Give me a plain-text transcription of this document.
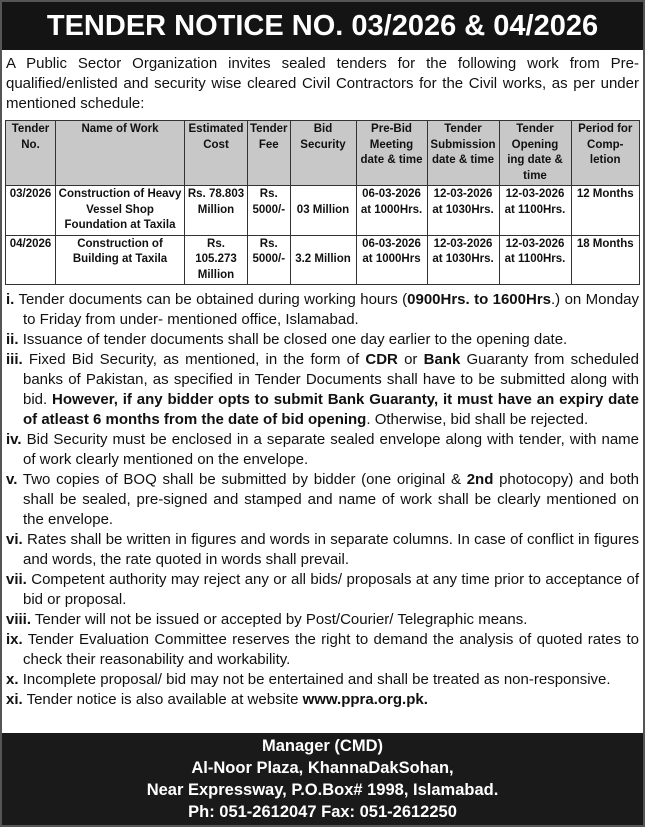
TENDER NOTICE NO. 03/2026 & 04/2026

A Public Sector Organization invites sealed tenders for the following work from Pre-qualified/enlisted and security wise cleared Civil Contractors for the Civil works, as per under mentioned schedule:

Tender No.	Name of Work	Estimated Cost	Tender Fee	Bid Security	Pre-Bid Meeting date & time	Tender Submission date & time	Tender Opening ing date & time	Period for Comp- letion
03/2026	Construction of Heavy Vessel Shop Foundation at Taxila	Rs. 78.803 Million	Rs. 5000/-	03 Million	06-03-2026 at 1000Hrs.	12-03-2026 at 1030Hrs.	12-03-2026 at 1100Hrs.	12 Months
04/2026	Construction of Building at Taxila	Rs. 105.273 Million	Rs. 5000/-	3.2 Million	06-03-2026 at 1000Hrs	12-03-2026 at 1030Hrs.	12-03-2026 at 1100Hrs.	18 Months

i. Tender documents can be obtained during working hours (0900Hrs. to 1600Hrs.) on Monday to Friday from under- mentioned office, Islamabad.

ii. Issuance of tender documents shall be closed one day earlier to the opening date.

iii. Fixed Bid Security, as mentioned, in the form of CDR or Bank Guaranty from scheduled banks of Pakistan, as specified in Tender Documents shall have to be submitted along with bid. However, if any bidder opts to submit Bank Guaranty, it must have an expiry date of atleast 6 months from the date of bid opening. Otherwise, bid shall be rejected.

iv. Bid Security must be enclosed in a separate sealed envelope along with tender, with name of work clearly mentioned on the envelope.

v. Two copies of BOQ shall be submitted by bidder (one original & 2nd photocopy) and both shall be sealed, pre-signed and stamped and name of work shall be clearly mentioned on the envelope.

vi. Rates shall be written in figures and words in separate columns. In case of conflict in figures and words, the rate quoted in words shall prevail.

vii. Competent authority may reject any or all bids/ proposals at any time prior to acceptance of bid or proposal.

viii. Tender will not be issued or accepted by Post/Courier/ Telegraphic means.

ix. Tender Evaluation Committee reserves the right to demand the analysis of quoted rates to check their reasonability and workability.

x. Incomplete proposal/ bid may not be entertained and shall be treated as non-responsive.

xi. Tender notice is also available at website www.ppra.org.pk.

Manager (CMD)
Al-Noor Plaza, KhannaDakSohan,
Near Expressway, P.O.Box# 1998, Islamabad.
Ph: 051-2612047 Fax: 051-2612250
